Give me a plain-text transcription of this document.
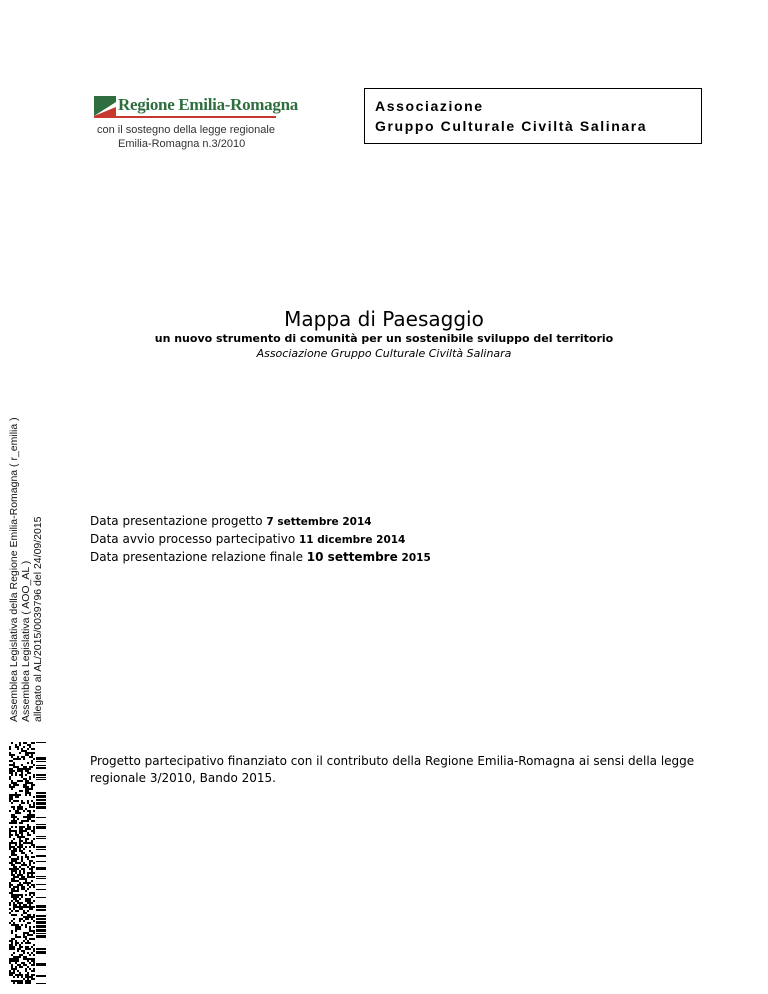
Assemblea Legislativa della Regione Emilia-Romagna ( r_emilia ) Assemblea Legislativa ( AOO_AL ) allegato al AL/2015/0039796 del 24/09/2015
Regione Emilia-Romagna
con il sostegno della legge regionale
Emilia-Romagna n.3/2010
Associazione
Gruppo Culturale Civiltà Salinara
Mappa di Paesaggio
un nuovo strumento di comunità per un sostenibile sviluppo del territorio
Associazione Gruppo Culturale Civiltà Salinara
Data presentazione progetto 7 settembre 2014
Data avvio processo partecipativo 11 dicembre 2014
Data presentazione relazione finale 10 settembre 2015
Progetto partecipativo finanziato con il contributo della Regione Emilia-Romagna ai sensi della legge regionale 3/2010, Bando 2015.
